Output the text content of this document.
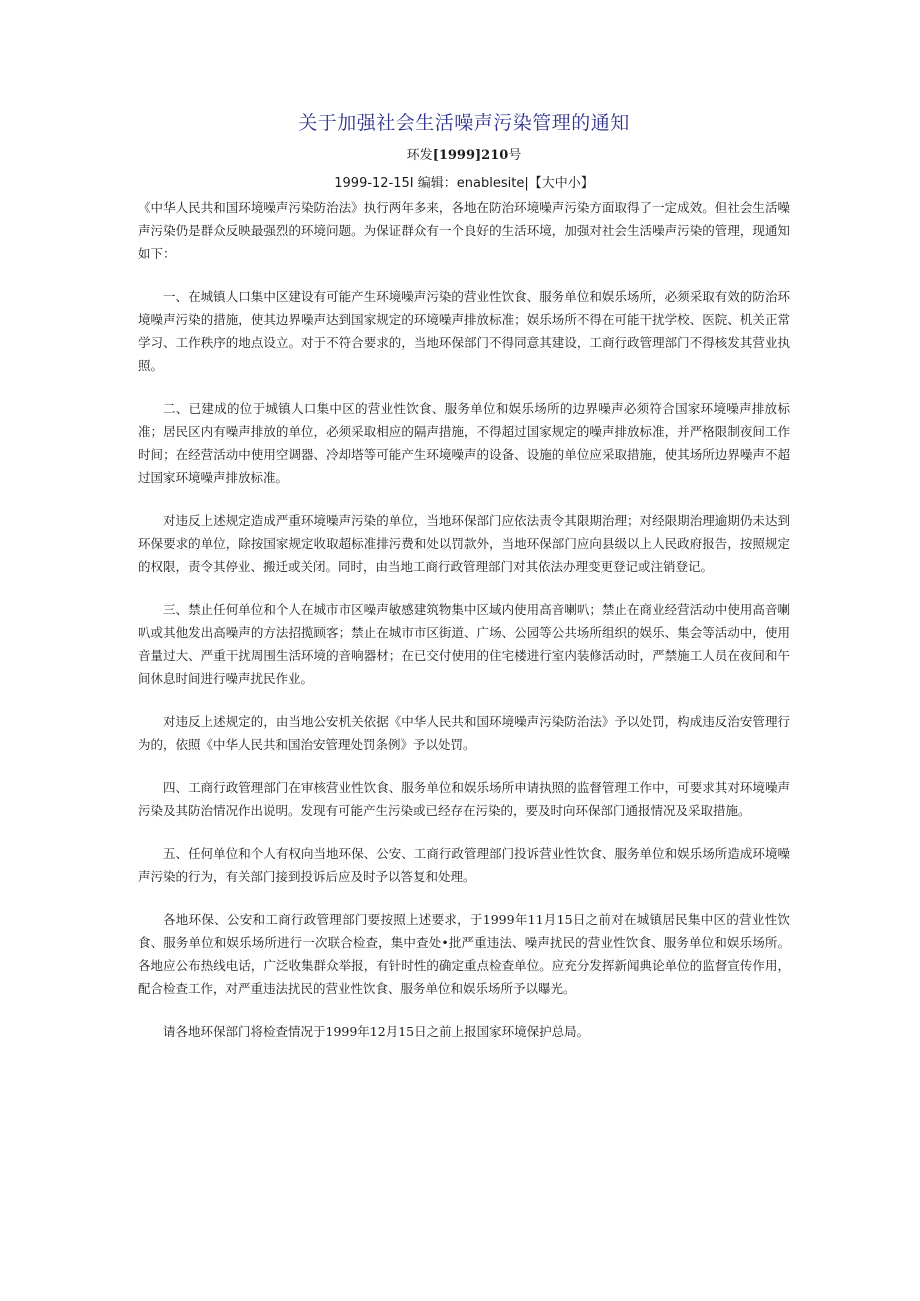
关于加强社会生活噪声污染管理的通知
环发[1999]210号
1999-12-15I 编辑：enablesite|【大中小】

《中华人民共和国环境噪声污染防治法》执行两年多来，各地在防治环境噪声污染方面取得了一定成效。但社会生活噪声污染仍是群众反映最强烈的环境问题。为保证群众有一个良好的生活环境，加强对社会生活噪声污染的管理，现通知如下：

一、在城镇人口集中区建设有可能产生环境噪声污染的营业性饮食、服务单位和娱乐场所，必须采取有效的防治环境噪声污染的措施，使其边界噪声达到国家规定的环境噪声排放标准；娱乐场所不得在可能干扰学校、医院、机关正常学习、工作秩序的地点设立。对于不符合要求的，当地环保部门不得同意其建设，工商行政管理部门不得核发其营业执照。

二、已建成的位于城镇人口集中区的营业性饮食、服务单位和娱乐场所的边界噪声必须符合国家环境噪声排放标准；居民区内有噪声排放的单位，必须采取相应的隔声措施，不得超过国家规定的噪声排放标准，并严格限制夜间工作时间；在经营活动中使用空调器、冷却塔等可能产生环境噪声的设备、设施的单位应采取措施，使其场所边界噪声不超过国家环境噪声排放标准。

对违反上述规定造成严重环境噪声污染的单位，当地环保部门应依法责令其限期治理；对经限期治理逾期仍未达到环保要求的单位，除按国家规定收取超标准排污费和处以罚款外，当地环保部门应向县级以上人民政府报告，按照规定的权限，责令其停业、搬迁或关闭。同时，由当地工商行政管理部门对其依法办理变更登记或注销登记。

三、禁止任何单位和个人在城市市区噪声敏感建筑物集中区域内使用高音喇叭；禁止在商业经营活动中使用高音喇叭或其他发出高噪声的方法招揽顾客；禁止在城市市区街道、广场、公园等公共场所组织的娱乐、集会等活动中，使用音量过大、严重干扰周围生活环境的音响器材；在已交付使用的住宅楼进行室内装修活动时，严禁施工人员在夜间和午间休息时间进行噪声扰民作业。

对违反上述规定的，由当地公安机关依据《中华人民共和国环境噪声污染防治法》予以处罚，构成违反治安管理行为的，依照《中华人民共和国治安管理处罚条例》予以处罚。

四、工商行政管理部门在审核营业性饮食、服务单位和娱乐场所申请执照的监督管理工作中，可要求其对环境噪声污染及其防治情况作出说明。发现有可能产生污染或已经存在污染的，要及时向环保部门通报情况及采取措施。

五、任何单位和个人有权向当地环保、公安、工商行政管理部门投诉营业性饮食、服务单位和娱乐场所造成环境噪声污染的行为，有关部门接到投诉后应及时予以答复和处理。

各地环保、公安和工商行政管理部门要按照上述要求，于1999年11月15日之前对在城镇居民集中区的营业性饮食、服务单位和娱乐场所进行一次联合检查，集中查处•批严重违法、噪声扰民的营业性饮食、服务单位和娱乐场所。各地应公布热线电话，广泛收集群众举报，有针时性的确定重点检查单位。应充分发挥新闻典论单位的监督宣传作用，配合检查工作，对严重违法扰民的营业性饮食、服务单位和娱乐场所予以曝光。

请各地环保部门将检查情况于1999年12月15日之前上报国家环境保护总局。
